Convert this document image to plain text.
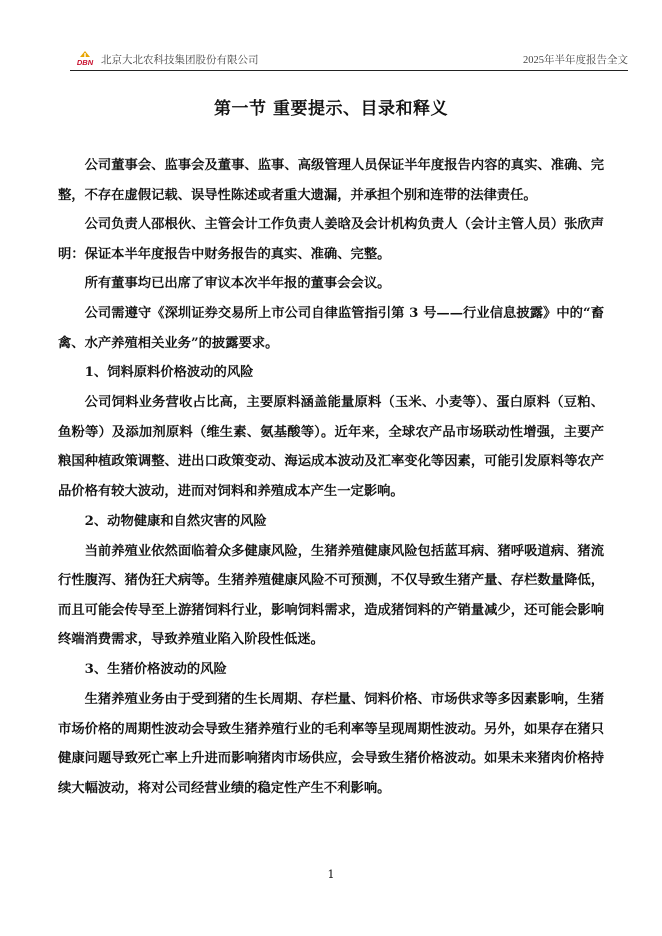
DBN 北京大北农科技集团股份有限公司	2025年半年度报告全文
第一节 重要提示、目录和释义

公司董事会、监事会及董事、监事、高级管理人员保证半年度报告内容的真实、准确、完整，不存在虚假记载、误导性陈述或者重大遗漏，并承担个别和连带的法律责任。

公司负责人邵根伙、主管会计工作负责人姜晗及会计机构负责人（会计主管人员）张欣声明：保证本半年度报告中财务报告的真实、准确、完整。

所有董事均已出席了审议本次半年报的董事会会议。

公司需遵守《深圳证券交易所上市公司自律监管指引第 3 号——行业信息披露》中的“畜禽、水产养殖相关业务”的披露要求。

1、饲料原料价格波动的风险

公司饲料业务营收占比高，主要原料涵盖能量原料（玉米、小麦等）、蛋白原料（豆粕、鱼粉等）及添加剂原料（维生素、氨基酸等）。近年来，全球农产品市场联动性增强，主要产粮国种植政策调整、进出口政策变动、海运成本波动及汇率变化等因素，可能引发原料等农产品价格有较大波动，进而对饲料和养殖成本产生一定影响。

2、动物健康和自然灾害的风险

当前养殖业依然面临着众多健康风险，生猪养殖健康风险包括蓝耳病、猪呼吸道病、猪流行性腹泻、猪伪狂犬病等。生猪养殖健康风险不可预测，不仅导致生猪产量、存栏数量降低，而且可能会传导至上游猪饲料行业，影响饲料需求，造成猪饲料的产销量减少，还可能会影响终端消费需求，导致养殖业陷入阶段性低迷。

3、生猪价格波动的风险

生猪养殖业务由于受到猪的生长周期、存栏量、饲料价格、市场供求等多因素影响，生猪市场价格的周期性波动会导致生猪养殖行业的毛利率等呈现周期性波动。另外，如果存在猪只健康问题导致死亡率上升进而影响猪肉市场供应，会导致生猪价格波动。如果未来猪肉价格持续大幅波动，将对公司经营业绩的稳定性产生不利影响。

1
